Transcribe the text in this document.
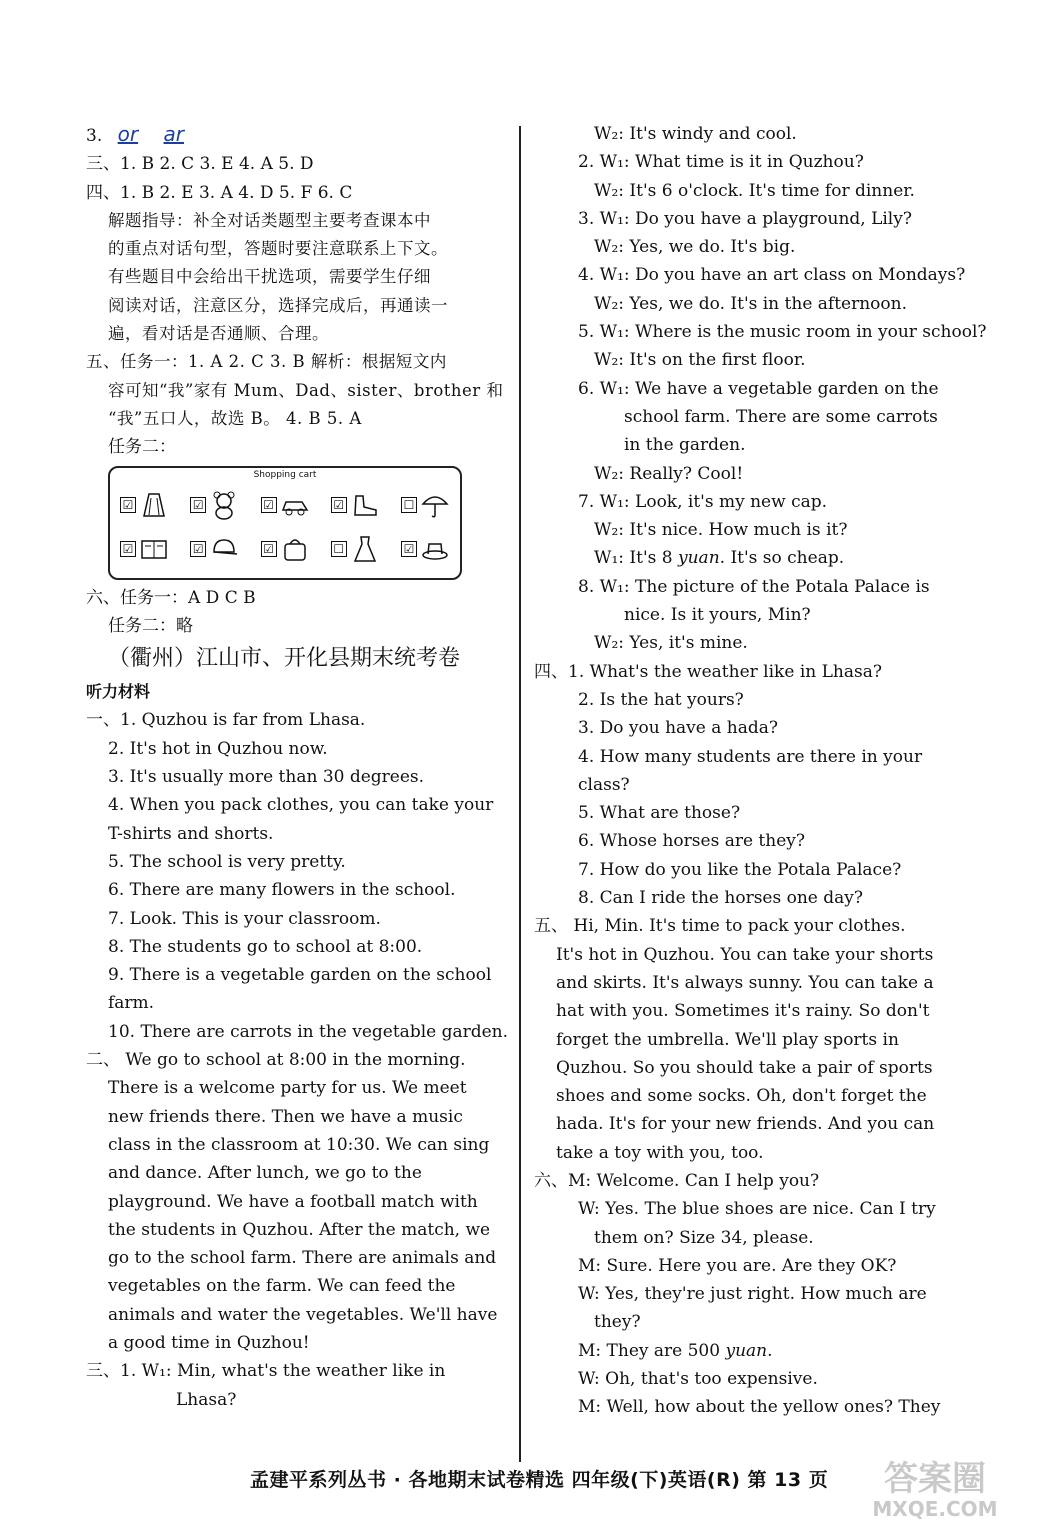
3. or ar
三、1. B 2. C 3. E 4. A 5. D
四、1. B 2. E 3. A 4. D 5. F 6. C
解题指导：补全对话类题型主要考查课本中
的重点对话句型，答题时要注意联系上下文。
有些题目中会给出干扰选项，需要学生仔细
阅读对话，注意区分，选择完成后，再通读一
遍，看对话是否通顺、合理。
五、任务一：1. A 2. C 3. B 解析：根据短文内
容可知“我”家有 Mum、Dad、sister、brother 和
“我”五口人，故选 B。 4. B 5. A
任务二：
Shopping cart
☑	☑	☑	☑	☐
☑	☑	☑	☐	☑
六、任务一：A D C B
任务二：略
（衢州）江山市、开化县期末统考卷
听力材料
一、1. Quzhou is far from Lhasa.
2. It's hot in Quzhou now.
3. It's usually more than 30 degrees.
4. When you pack clothes, you can take your
T-shirts and shorts.
5. The school is very pretty.
6. There are many flowers in the school.
7. Look. This is your classroom.
8. The students go to school at 8:00.
9. There is a vegetable garden on the school
farm.
10. There are carrots in the vegetable garden.
二、 We go to school at 8:00 in the morning.
There is a welcome party for us. We meet
new friends there. Then we have a music
class in the classroom at 10:30. We can sing
and dance. After lunch, we go to the
playground. We have a football match with
the students in Quzhou. After the match, we
go to the school farm. There are animals and
vegetables on the farm. We can feed the
animals and water the vegetables. We'll have
a good time in Quzhou!
三、1. W₁: Min, what's the weather like in
Lhasa?
W₂: It's windy and cool.
2. W₁: What time is it in Quzhou?
W₂: It's 6 o'clock. It's time for dinner.
3. W₁: Do you have a playground, Lily?
W₂: Yes, we do. It's big.
4. W₁: Do you have an art class on Mondays?
W₂: Yes, we do. It's in the afternoon.
5. W₁: Where is the music room in your school?
W₂: It's on the first floor.
6. W₁: We have a vegetable garden on the
school farm. There are some carrots
in the garden.
W₂: Really? Cool!
7. W₁: Look, it's my new cap.
W₂: It's nice. How much is it?
W₁: It's 8 yuan. It's so cheap.
8. W₁: The picture of the Potala Palace is
nice. Is it yours, Min?
W₂: Yes, it's mine.
四、1. What's the weather like in Lhasa?
2. Is the hat yours?
3. Do you have a hada?
4. How many students are there in your
class?
5. What are those?
6. Whose horses are they?
7. How do you like the Potala Palace?
8. Can I ride the horses one day?
五、 Hi, Min. It's time to pack your clothes.
It's hot in Quzhou. You can take your shorts
and skirts. It's always sunny. You can take a
hat with you. Sometimes it's rainy. So don't
forget the umbrella. We'll play sports in
Quzhou. So you should take a pair of sports
shoes and some socks. Oh, don't forget the
hada. It's for your new friends. And you can
take a toy with you, too.
六、M: Welcome. Can I help you?
W: Yes. The blue shoes are nice. Can I try
them on? Size 34, please.
M: Sure. Here you are. Are they OK?
W: Yes, they're just right. How much are
they?
M: They are 500 yuan.
W: Oh, that's too expensive.
M: Well, how about the yellow ones? They
孟建平系列丛书 · 各地期末试卷精选 四年级(下)英语(R) 第 13 页	答案圈
MXQE.COM
